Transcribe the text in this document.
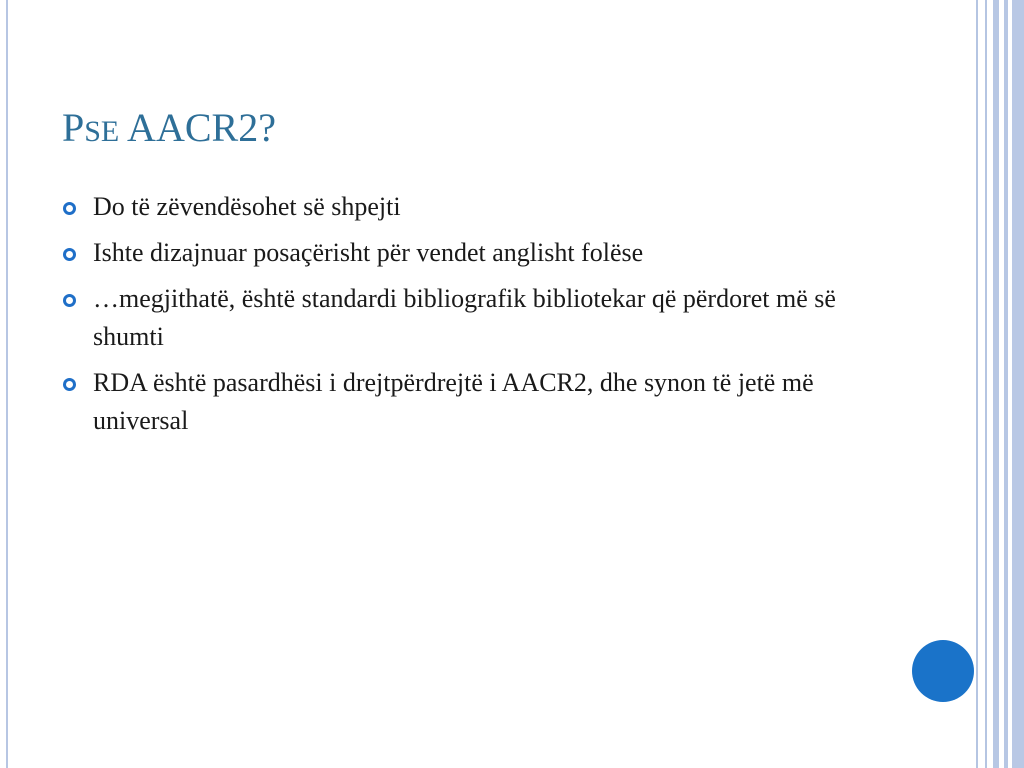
PSE AACR2?
Do të zëvendësohet së shpejti
Ishte dizajnuar posaçërisht për vendet anglisht folëse
…megjithatë, është standardi bibliografik bibliotekar që përdoret më së shumti
RDA është pasardhësi i drejtpërdrejtë i AACR2, dhe synon të jetë më universal
